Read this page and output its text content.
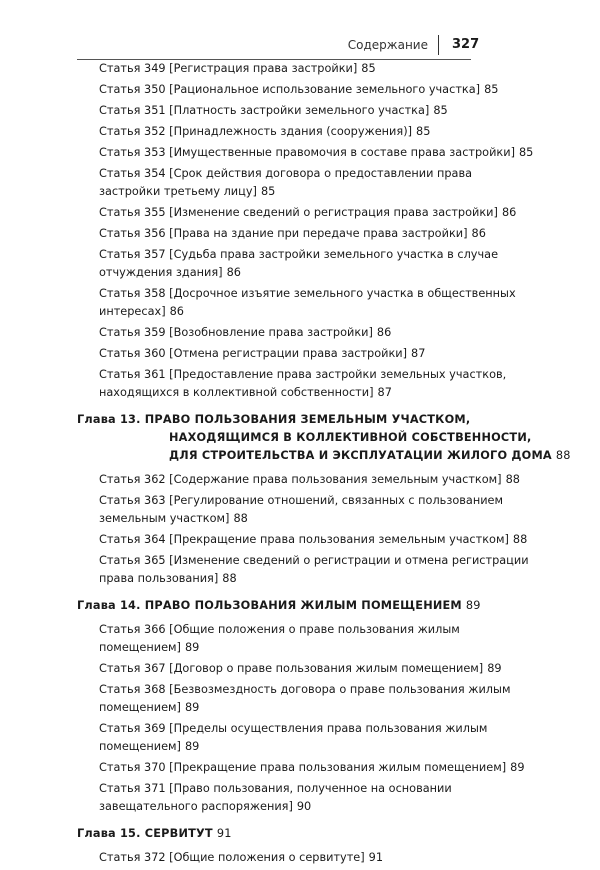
Содержание 327
Статья 349 [Регистрация права застройки] 85
Статья 350 [Рациональное использование земельного участка] 85
Статья 351 [Платность застройки земельного участка] 85
Статья 352 [Принадлежность здания (сооружения)] 85
Статья 353 [Имущественные правомочия в составе права застройки] 85
Статья 354 [Срок действия договора о предоставлении права
застройки третьему лицу] 85
Статья 355 [Изменение сведений о регистрация права застройки] 86
Статья 356 [Права на здание при передаче права застройки] 86
Статья 357 [Судьба права застройки земельного участка в случае
отчуждения здания] 86
Статья 358 [Досрочное изъятие земельного участка в общественных
интересах] 86
Статья 359 [Возобновление права застройки] 86
Статья 360 [Отмена регистрации права застройки] 87
Статья 361 [Предоставление права застройки земельных участков,
находящихся в коллективной собственности] 87
Глава 13. ПРАВО ПОЛЬЗОВАНИЯ ЗЕМЕЛЬНЫМ УЧАСТКОМ,
НАХОДЯЩИМСЯ В КОЛЛЕКТИВНОЙ СОБСТВЕННОСТИ,
ДЛЯ СТРОИТЕЛЬСТВА И ЭКСПЛУАТАЦИИ ЖИЛОГО ДОМА 88
Статья 362 [Содержание права пользования земельным участком] 88
Статья 363 [Регулирование отношений, связанных с пользованием
земельным участком] 88
Статья 364 [Прекращение права пользования земельным участком] 88
Статья 365 [Изменение сведений о регистрации и отмена регистрации
права пользования] 88
Глава 14. ПРАВО ПОЛЬЗОВАНИЯ ЖИЛЫМ ПОМЕЩЕНИЕМ 89
Статья 366 [Общие положения о праве пользования жилым
помещением] 89
Статья 367 [Договор о праве пользования жилым помещением] 89
Статья 368 [Безвозмездность договора о праве пользования жилым
помещением] 89
Статья 369 [Пределы осуществления права пользования жилым
помещением] 89
Статья 370 [Прекращение права пользования жилым помещением] 89
Статья 371 [Право пользования, полученное на основании
завещательного распоряжения] 90
Глава 15. СЕРВИТУТ 91
Статья 372 [Общие положения о сервитуте] 91
